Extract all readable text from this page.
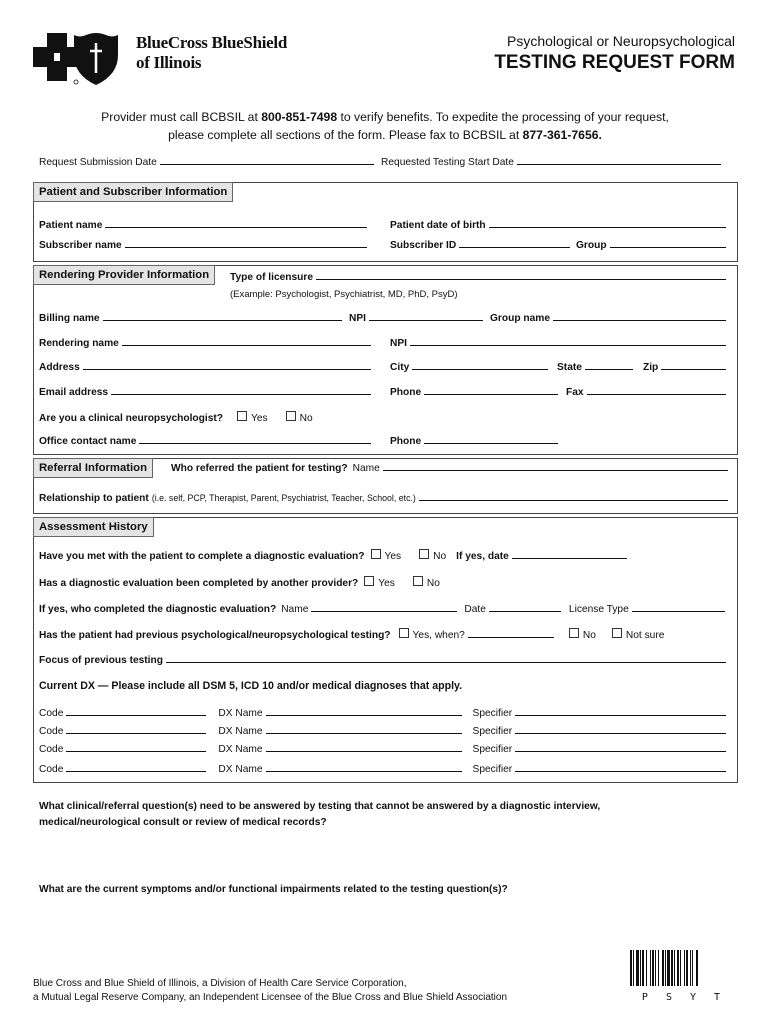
BlueCross BlueShield
of Illinois
Psychological or Neuropsychological
TESTING REQUEST FORM
Provider must call BCBSIL at 800-851-7498 to verify benefits. To expedite the processing of your request,
please complete all sections of the form. Please fax to BCBSIL at 877-361-7656.
Request Submission Date	Requested Testing Start Date
Patient and Subscriber Information
Patient name	Patient date of birth
Subscriber name	Subscriber ID	Group
Rendering Provider Information	Type of licensure
(Example: Psychologist, Psychiatrist, MD, PhD, PsyD)
Billing name	NPI	Group name
Rendering name	NPI
Address	City	State	Zip
Email address	Phone	Fax
Are you a clinical neuropsychologist?	Yes	No
Office contact name	Phone
Referral Information	Who referred the patient for testing? Name
Relationship to patient (i.e. self, PCP, Therapist, Parent, Psychiatrist, Teacher, School, etc.)
Assessment History
Have you met with the patient to complete a diagnostic evaluation? Yes	No If yes, date
Has a diagnostic evaluation been completed by another provider? Yes	No
If yes, who completed the diagnostic evaluation? Name	Date	License Type
Has the patient had previous psychological/neuropsychological testing? Yes, when?	No	Not sure
Focus of previous testing
Current DX — Please include all DSM 5, ICD 10 and/or medical diagnoses that apply.
Code	DX Name	Specifier
Code	DX Name	Specifier
Code	DX Name	Specifier
Code	DX Name	Specifier
What clinical/referral question(s) need to be answered by testing that cannot be answered by a diagnostic interview,
medical/neurological consult or review of medical records?
What are the current symptoms and/or functional impairments related to the testing question(s)?
Blue Cross and Blue Shield of Illinois, a Division of Health Care Service Corporation,
a Mutual Legal Reserve Company, an Independent Licensee of the Blue Cross and Blue Shield Association	P S Y T
